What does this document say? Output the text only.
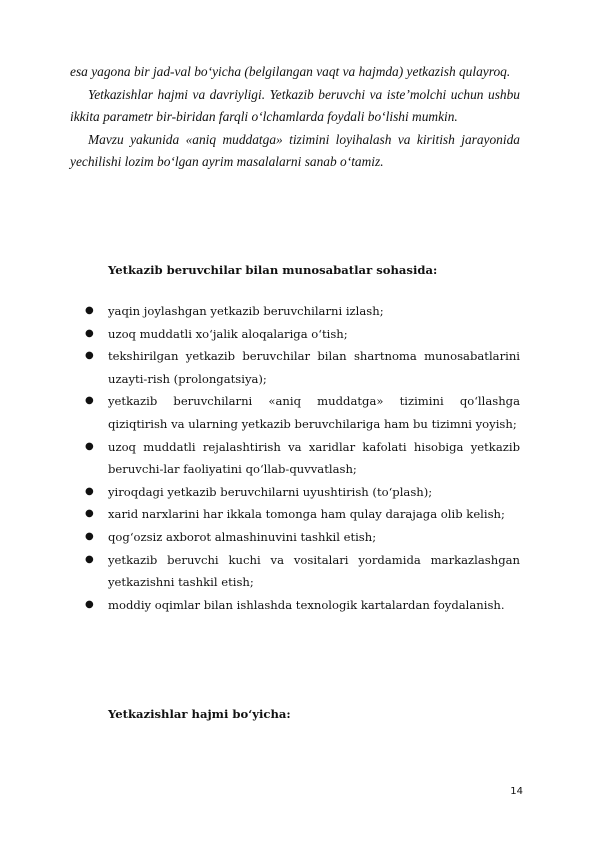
esa yagona bir jad-val bo‘yicha (belgilangan vaqt va hajmda) yetkazish qulayroq.

Yetkazishlar hajmi va davriyligi. Yetkazib beruvchi va iste’molchi uchun ushbu ikkita parametr bir-biridan farqli o‘lchamlarda foydali bo‘lishi mumkin.

Mavzu yakunida «aniq muddatga» tizimini loyihalash va kiritish jarayonida yechilishi lozim bo‘lgan ayrim masalalarni sanab o‘tamiz.

Yetkazib beruvchilar bilan munosabatlar sohasida:

● yaqin joylashgan yetkazib beruvchilarni izlash;
● uzoq muddatli xo‘jalik aloqalariga o‘tish;
● tekshirilgan yetkazib beruvchilar bilan shartnoma munosabatlarini uzayti-rish (prolongatsiya);
● yetkazib beruvchilarni «aniq muddatga» tizimini qo‘llashga qiziqtirish va ularning yetkazib beruvchilariga ham bu tizimni yoyish;
● uzoq muddatli rejalashtirish va xaridlar kafolati hisobiga yetkazib beruvchi-lar faoliyatini qo‘llab-quvvatlash;
● yiroqdagi yetkazib beruvchilarni uyushtirish (to‘plash);
● xarid narxlarini har ikkala tomonga ham qulay darajaga olib kelish;
● qog‘ozsiz axborot almashinuvini tashkil etish;
● yetkazib beruvchi kuchi va vositalari yordamida markazlashgan yetkazishni tashkil etish;
● moddiy oqimlar bilan ishlashda texnologik kartalardan foydalanish.

Yetkazishlar hajmi bo‘yicha:

14
